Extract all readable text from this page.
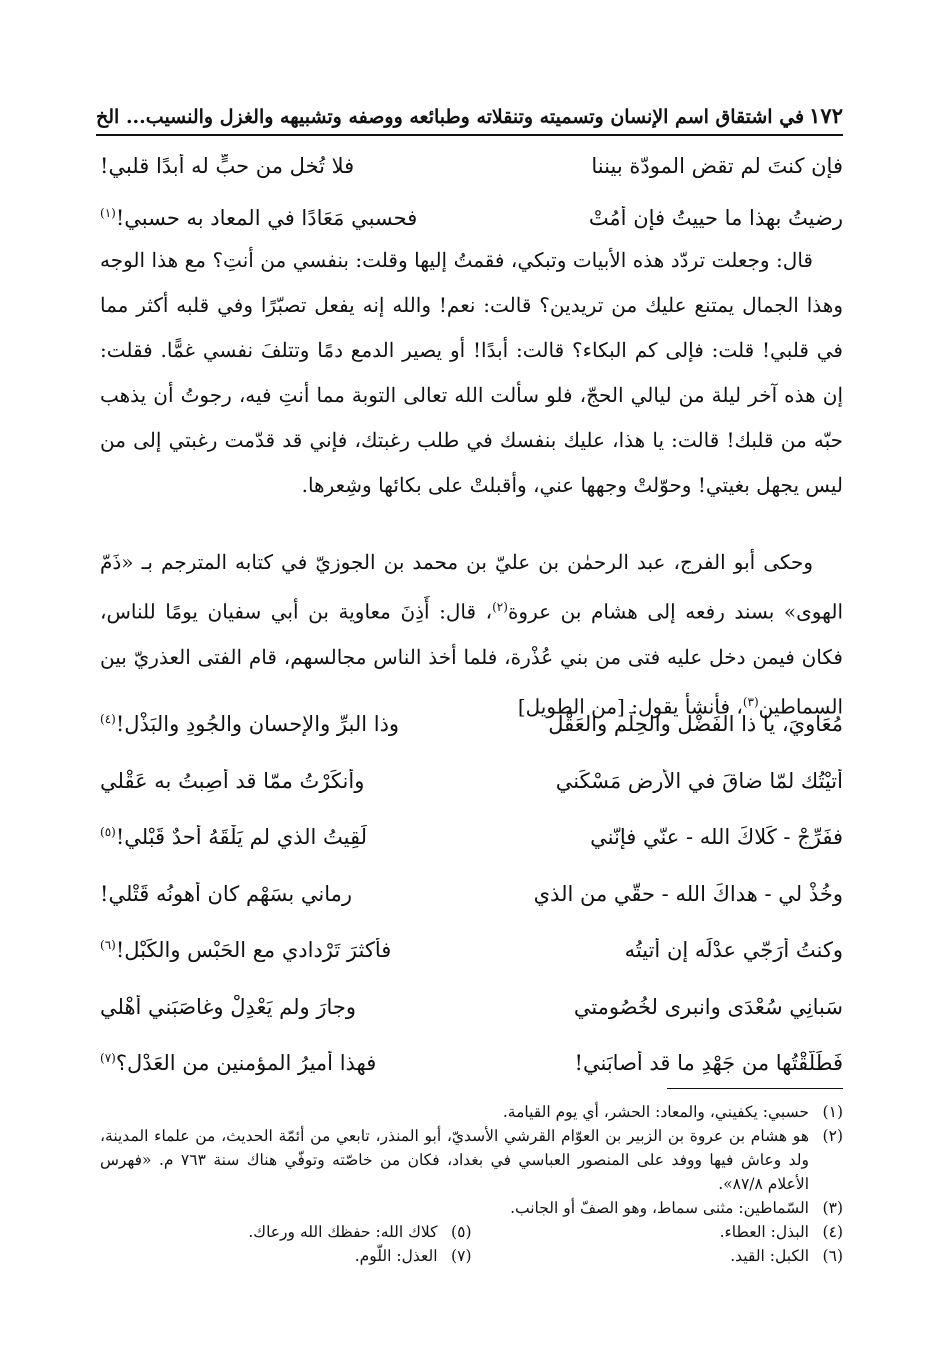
١٧٢
في اشتقاق اسم الإنسان وتسميته وتنقلاته وطبائعه ووصفه وتشبيهه والغزل والنسيب... الخ
فإن كنتَ لم تقضِ المودّة بيننا
فلا تُخلِ من حبٍّ له أبدًا قلبي!
رضيتُ بهذا ما حييتُ فإن أمُتْ
فحسبي مَعَادًا في المعاد به حسبي!$^{(١)}$

قال: وجعلت تردّد هذه الأبيات وتبكي، فقمتُ إليها وقلت: بنفسي من أنتِ؟ مع هذا الوجه وهذا الجمال يمتنع عليك من تريدين؟ قالت: نعم! والله إنه يفعل تصبّرًا وفي قلبه أكثر مما في قلبي! قلت: فإلى كم البكاء؟ قالت: أبدًا! أو يصير الدمع دمًا وتتلفَ نفسي غمًّا. فقلت: إن هذه آخر ليلة من ليالي الحجّ، فلو سألت الله تعالى التوبة مما أنتِ فيه، رجوتُ أن يذهب حبّه من قلبك! قالت: يا هذا، عليك بنفسك في طلب رغبتك، فإني قد قدّمت رغبتي إلى من ليس يجهل بغيتي! وحوّلتْ وجهها عني، وأقبلتْ على بكائها وشِعرها.

وحكى أبو الفرج، عبد الرحمٰن بن عليّ بن محمد بن الجوزيّ في كتابه المترجم بـ «ذَمّ الهوى» بسند رفعه إلى هشام بن عروة$^{(٢)}$، قال: أَذِنَ معاوية بن أبي سفيان يومًا للناس، فكان فيمن دخل عليه فتى من بني عُذْرة، فلما أخذ الناس مجالسهم، قام الفتى العذريّ بين السماطين$^{(٣)}$، فأنشأ يقول: [من الطويل]

مُعَاوِيَ، يا ذا الفَضْلِ والحِلْمِ والعَقْلِ
وذا البرِّ والإحسانِ والجُودِ والبَذْلِ!$^{(٤)}$
أتيْتُك لمّا ضاقَ في الأرض مَسْكَني
وأنكَرْتُ ممّا قد أُصِبتُ به عَقْلي
ففَرِّجْ - كَلاكَ الله - عنّي فإنّني
لَقِيتُ الذي لم يَلْقَهُ أحدٌ قَبْلي!$^{(٥)}$
وخُذْ لي - هداكَ الله - حقّي من الذي
رماني بسَهْمٍ كان أهونُه قَتْلي!
وكنتُ أُرَجّي عدْلَه إن أتيتُه
فأكثرَ تَرْدادي مع الحَبْسِ والكَبْلِ!$^{(٦)}$
سَبانِي سُعْدَى وانبرى لخُصُومتي
وجارَ ولم يَعْدِلْ وغاصَبَني أهْلي
فَطَلَّقْتُها من جَهْدِ ما قد أصابَني!
فهذا أميرُ المؤمنين من العَدْلِ؟$^{(٧)}$
(١)
حسبي: يكفيني، والمعاد: الحشر، أي يوم القيامة.
(٢)
هو هشام بن عروة بن الزبير بن العوّام القرشي الأسديّ، أبو المنذر، تابعي من أئمّة الحديث، من علماء المدينة، ولد وعاش فيها ووفد على المنصور العباسي في بغداد، فكان من خاصّته وتوفّي هناك سنة ٧٦٣ م. «فهرس الأعلام ٨٧/٨».
(٣)
السّماطين: مثنى سماط، وهو الصفّ أو الجانب.
(٤)
البذل: العطاء.
(٥)
كلاك الله: حفظك الله ورعاك.
(٦)
الكبل: القيد.
(٧)
العذل: اللّوم.
